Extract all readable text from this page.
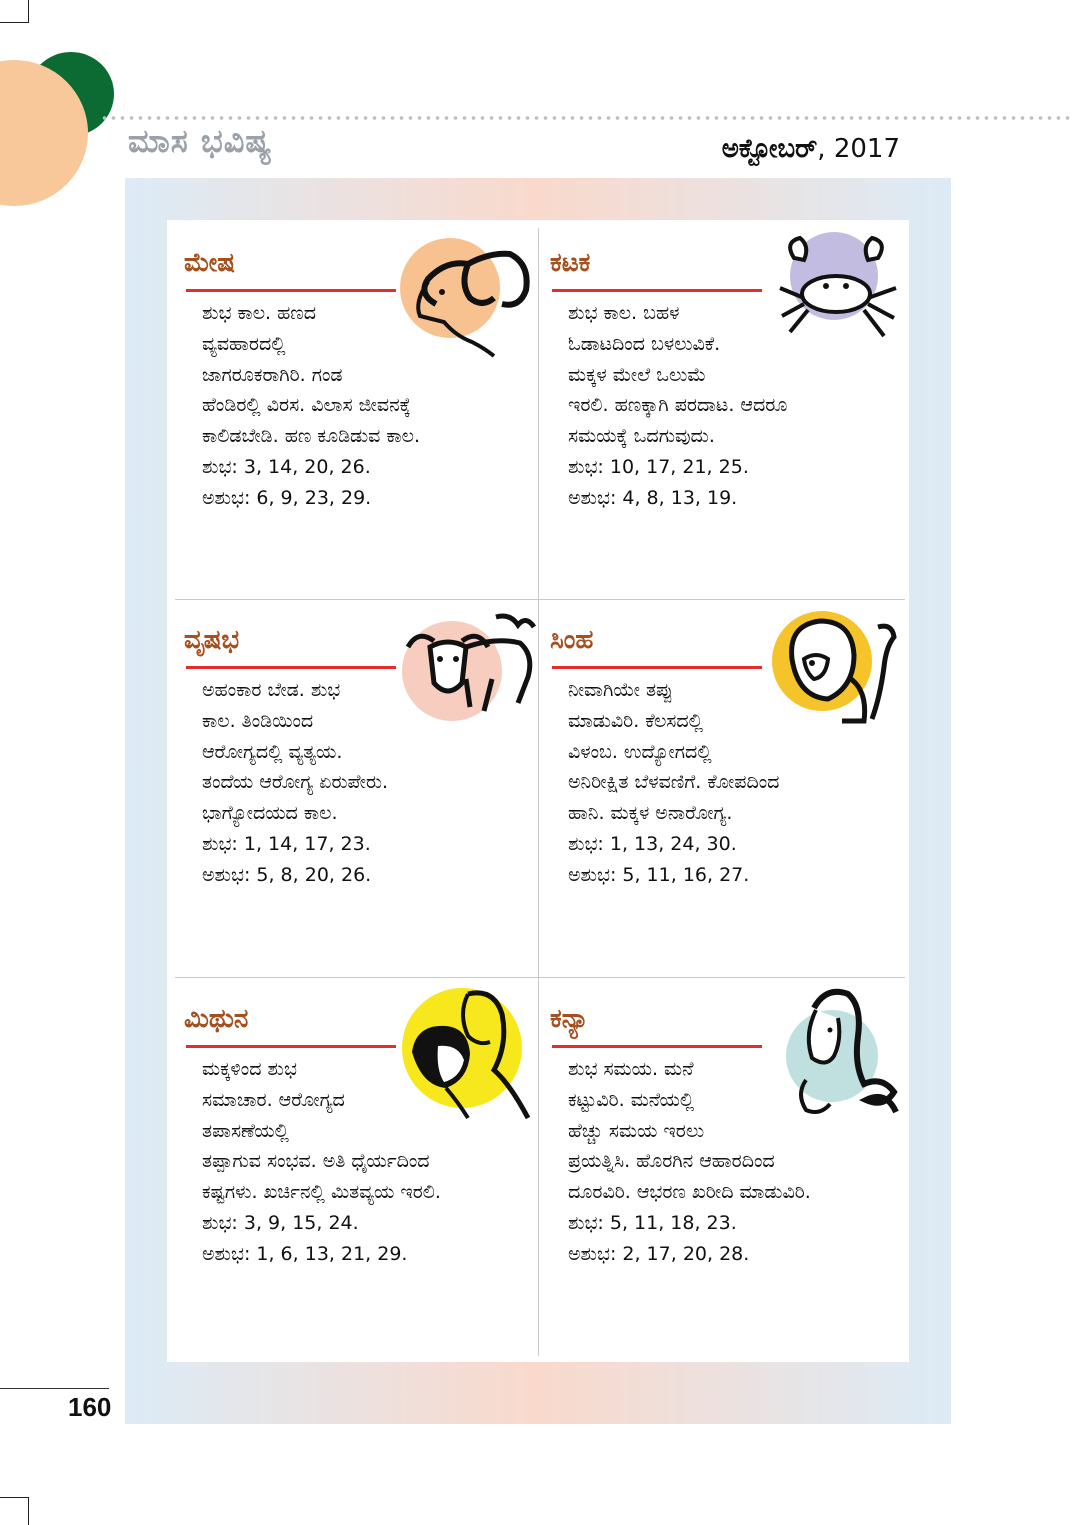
ಮಾಸ ಭವಿಷ್ಯ	ಅಕ್ಟೋಬರ್, 2017
ಮೇಷ

ಶುಭ ಕಾಲ. ಹಣದ

ವ್ಯವಹಾರದಲ್ಲಿ

ಜಾಗರೂಕರಾಗಿರಿ. ಗಂಡ

ಹೆಂಡಿರಲ್ಲಿ ವಿರಸ. ವಿಲಾಸ ಜೀವನಕ್ಕೆ

ಕಾಲಿಡಬೇಡಿ. ಹಣ ಕೂಡಿಡುವ ಕಾಲ.

ಶುಭ: 3, 14, 20, 26.

ಅಶುಭ: 6, 9, 23, 29.

ಕಟಕ

ಶುಭ ಕಾಲ. ಬಹಳ

ಓಡಾಟದಿಂದ ಬಳಲುವಿಕೆ.

ಮಕ್ಕಳ ಮೇಲೆ ಒಲುಮೆ

ಇರಲಿ. ಹಣಕ್ಕಾಗಿ ಪರದಾಟ. ಆದರೂ

ಸಮಯಕ್ಕೆ ಒದಗುವುದು.

ಶುಭ: 10, 17, 21, 25.

ಅಶುಭ: 4, 8, 13, 19.

ವೃಷಭ

ಅಹಂಕಾರ ಬೇಡ. ಶುಭ

ಕಾಲ. ತಿಂಡಿಯಿಂದ

ಆರೋಗ್ಯದಲ್ಲಿ ವ್ಯತ್ಯಯ.

ತಂದೆಯ ಆರೋಗ್ಯ ಏರುಪೇರು.

ಭಾಗ್ಯೋದಯದ ಕಾಲ.

ಶುಭ: 1, 14, 17, 23.

ಅಶುಭ: 5, 8, 20, 26.

ಸಿಂಹ

ನೀವಾಗಿಯೇ ತಪ್ಪು

ಮಾಡುವಿರಿ. ಕೆಲಸದಲ್ಲಿ

ವಿಳಂಬ. ಉದ್ಯೋಗದಲ್ಲಿ

ಅನಿರೀಕ್ಷಿತ ಬೆಳವಣಿಗೆ. ಕೋಪದಿಂದ

ಹಾನಿ. ಮಕ್ಕಳ ಅನಾರೋಗ್ಯ.

ಶುಭ: 1, 13, 24, 30.

ಅಶುಭ: 5, 11, 16, 27.

ಮಿಥುನ

ಮಕ್ಕಳಿಂದ ಶುಭ

ಸಮಾಚಾರ. ಆರೋಗ್ಯದ

ತಪಾಸಣೆಯಲ್ಲಿ

ತಪ್ಪಾಗುವ ಸಂಭವ. ಅತಿ ಧೈರ್ಯದಿಂದ

ಕಷ್ಟಗಳು. ಖರ್ಚಿನಲ್ಲಿ ಮಿತವ್ಯಯ ಇರಲಿ.

ಶುಭ: 3, 9, 15, 24.

ಅಶುಭ: 1, 6, 13, 21, 29.

ಕನ್ಯಾ

ಶುಭ ಸಮಯ. ಮನೆ

ಕಟ್ಟುವಿರಿ. ಮನೆಯಲ್ಲಿ

ಹೆಚ್ಚು ಸಮಯ ಇರಲು

ಪ್ರಯತ್ನಿಸಿ. ಹೊರಗಿನ ಆಹಾರದಿಂದ

ದೂರವಿರಿ. ಆಭರಣ ಖರೀದಿ ಮಾಡುವಿರಿ.

ಶುಭ: 5, 11, 18, 23.

ಅಶುಭ: 2, 17, 20, 28.

160
